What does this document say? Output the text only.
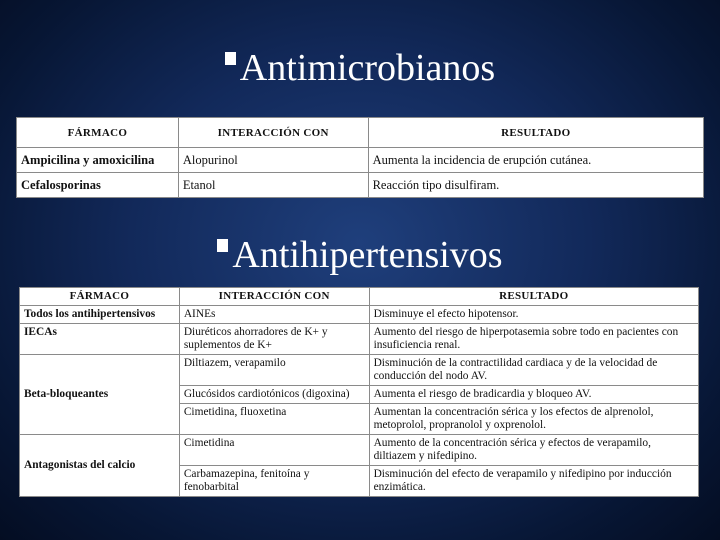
Antimicrobianos
FÁRMACO	INTERACCIÓN CON	RESULTADO
Ampicilina y amoxicilina	Alopurinol	Aumenta la incidencia de erupción cutánea.
Cefalosporinas	Etanol	Reacción tipo disulfiram.
Antihipertensivos
FÁRMACO	INTERACCIÓN CON	RESULTADO
Todos los antihipertensivos	AINEs	Disminuye el efecto hipotensor.
IECAs	Diuréticos ahorradores de K+ y suplementos de K+	Aumento del riesgo de hiperpotasemia sobre todo en pacientes con insuficiencia renal.
Beta-bloqueantes	Diltiazem, verapamilo	Disminución de la contractilidad cardiaca y de la velocidad de conducción del nodo AV.
	Glucósidos cardiotónicos (digoxina)	Aumenta el riesgo de bradicardia y bloqueo AV.
	Cimetidina, fluoxetina	Aumentan la concentración sérica y los efectos de alprenolol, metoprolol, propranolol y oxprenolol.
Antagonistas del calcio	Cimetidina	Aumento de la concentración sérica y efectos de verapamilo, diltiazem y nifedipino.
	Carbamazepina, fenitoína y fenobarbital	Disminución del efecto de verapamilo y nifedipino por inducción enzimática.
